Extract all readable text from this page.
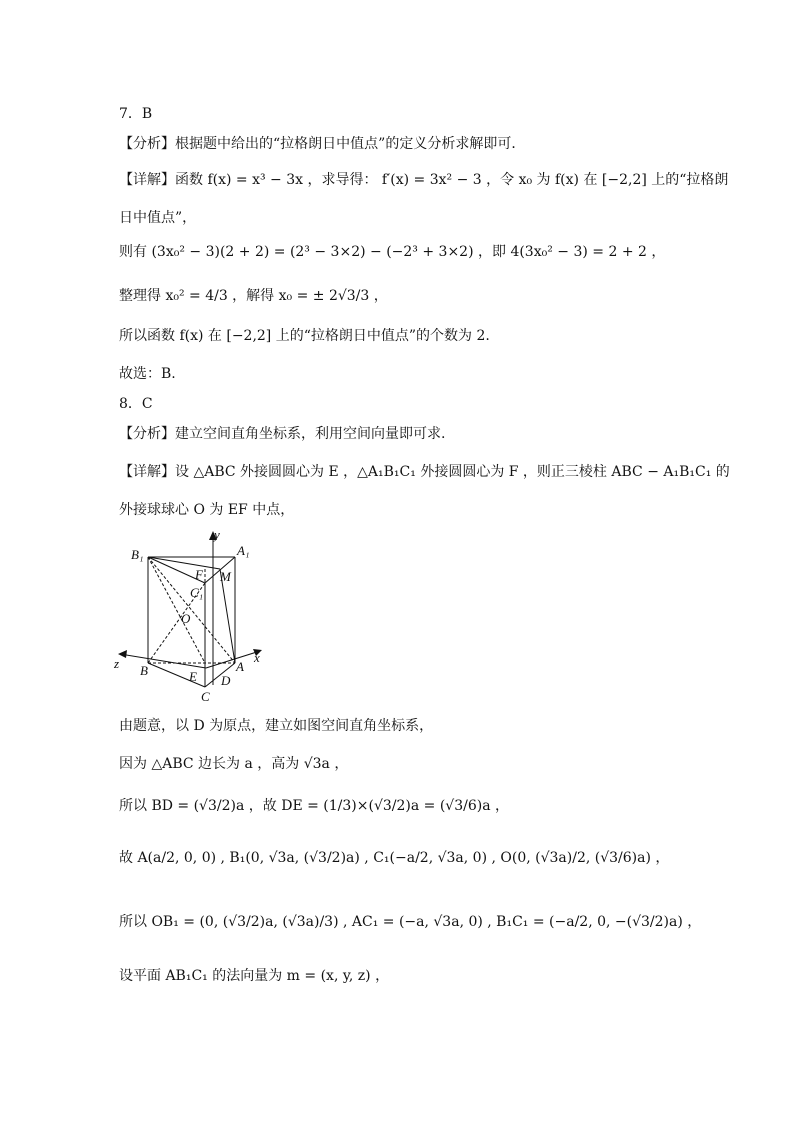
7．B
【分析】根据题中给出的“拉格朗日中值点”的定义分析求解即可．
【详解】函数 f(x) = x³ − 3x ，求导得： f′(x) = 3x² − 3 ，令 x₀ 为 f(x) 在 [−2,2] 上的“拉格朗
日中值点”，
则有 (3x₀² − 3)(2 + 2) = (2³ − 3×2) − (−2³ + 3×2) ，即 4(3x₀² − 3) = 2 + 2 ，
整理得 x₀² = 4/3 ，解得 x₀ = ± 2√3/3 ，
所以函数 f(x) 在 [−2,2] 上的“拉格朗日中值点”的个数为 2.
故选：B.
8．C
【分析】建立空间直角坐标系，利用空间向量即可求.
【详解】设 △ABC 外接圆圆心为 E ，△A₁B₁C₁ 外接圆圆心为 F ，则正三棱柱 ABC − A₁B₁C₁ 的
外接球球心 O 为 EF 中点，
y
x
z
B₁	A₁
F M
C₁
O
B	E D
A
C
由题意，以 D 为原点，建立如图空间直角坐标系，
因为 △ABC 边长为 a ，高为 √3a ，
所以 BD = (√3/2)a ，故 DE = (1/3)×(√3/2)a = (√3/6)a ，
故 A(a/2, 0, 0) , B₁(0, √3a, (√3/2)a) , C₁(−a/2, √3a, 0) , O(0, (√3a)/2, (√3/6)a) ，
所以 OB₁ = (0, (√3/2)a, (√3a)/3) , AC₁ = (−a, √3a, 0) , B₁C₁ = (−a/2, 0, −(√3/2)a) ，
设平面 AB₁C₁ 的法向量为 m = (x, y, z) ，
